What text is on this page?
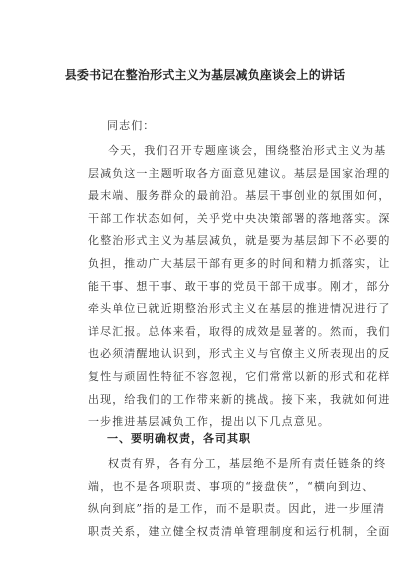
县委书记在整治形式主义为基层减负座谈会上的讲话
同志们：
今天，我们召开专题座谈会，围绕整治形式主义为基
层减负这一主题听取各方面意见建议。基层是国家治理的
最末端、服务群众的最前沿。基层干事创业的氛围如何，
干部工作状态如何，关乎党中央决策部署的落地落实。深
化整治形式主义为基层减负，就是要为基层卸下不必要的
负担，推动广大基层干部有更多的时间和精力抓落实，让
能干事、想干事、敢干事的党员干部干成事。刚才，部分
牵头单位已就近期整治形式主义在基层的推进情况进行了
详尽汇报。总体来看，取得的成效是显著的。然而，我们
也必须清醒地认识到，形式主义与官僚主义所表现出的反
复性与顽固性特征不容忽视，它们常常以新的形式和花样
出现，给我们的工作带来新的挑战。接下来，我就如何进
一步推进基层减负工作，提出以下几点意见。
一、要明确权责，各司其职
权责有界，各有分工，基层绝不是所有责任链条的终
端，也不是各项职责、事项的“接盘侠”，“横向到边、
纵向到底”指的是工作，而不是职责。因此，进一步厘清
职责关系，建立健全权责清单管理制度和运行机制，全面
